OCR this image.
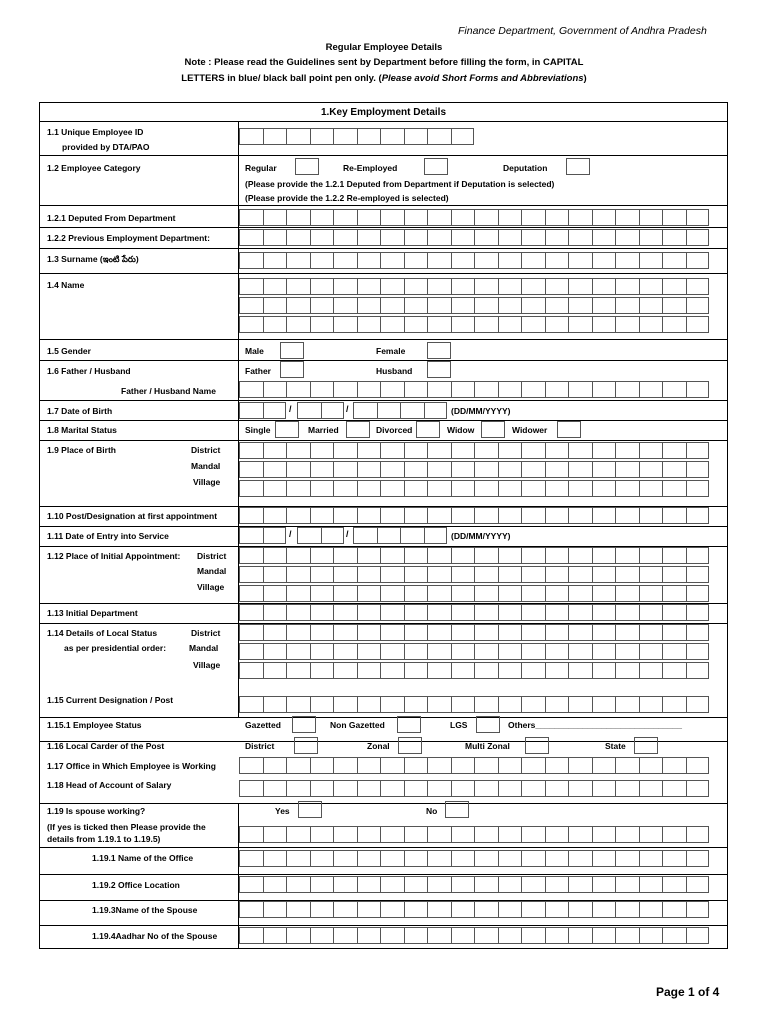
Finance Department, Government of Andhra Pradesh
Regular Employee Details
Note : Please read the Guidelines sent by Department before filling the form, in CAPITAL
LETTERS in blue/ black ball point pen only. (Please avoid Short Forms and Abbreviations)
1.Key Employment Details
1.1 Unique Employee ID
provided by DTA/PAO
1.2 Employee Category	Regular	Re-Employed	Deputation
(Please provide the 1.2.1 Deputed from Department if Deputation is selected)
(Please provide the 1.2.2 Re-employed is selected)
1.2.1 Deputed From Department
1.2.2 Previous Employment Department:
1.3 Surname (ఇంటి పేరు)
1.4 Name
1.5 Gender	Male	Female
1.6 Father / Husband	Father	Husband
Father / Husband Name
1.7 Date of Birth	/	/	(DD/MM/YYYY)
1.8 Marital Status	Single	Married	Divorced	Widow	Widower
1.9 Place of Birth	District
Mandal
Village
1.10 Post/Designation at first appointment
1.11 Date of Entry into Service	/	/	(DD/MM/YYYY)
1.12 Place of Initial Appointment: District
Mandal
Village
1.13 Initial Department
1.14 Details of Local Status
as per presidential order:
District
Mandal
Village
1.15 Current Designation / Post
1.15.1 Employee Status	Gazetted	Non Gazetted	LGS	Others_______________________________
1.16 Local Carder of the Post	District	Zonal	Multi Zonal	State
1.17 Office in Which Employee is Working
1.18 Head of Account of Salary
1.19 Is spouse working?	Yes	No
(If yes is ticked then Please provide the
details from 1.19.1 to 1.19.5)
1.19.1 Name of the Office
1.19.2 Office Location
1.19.3Name of the Spouse
1.19.4Aadhar No of the Spouse
Page 1 of 4
